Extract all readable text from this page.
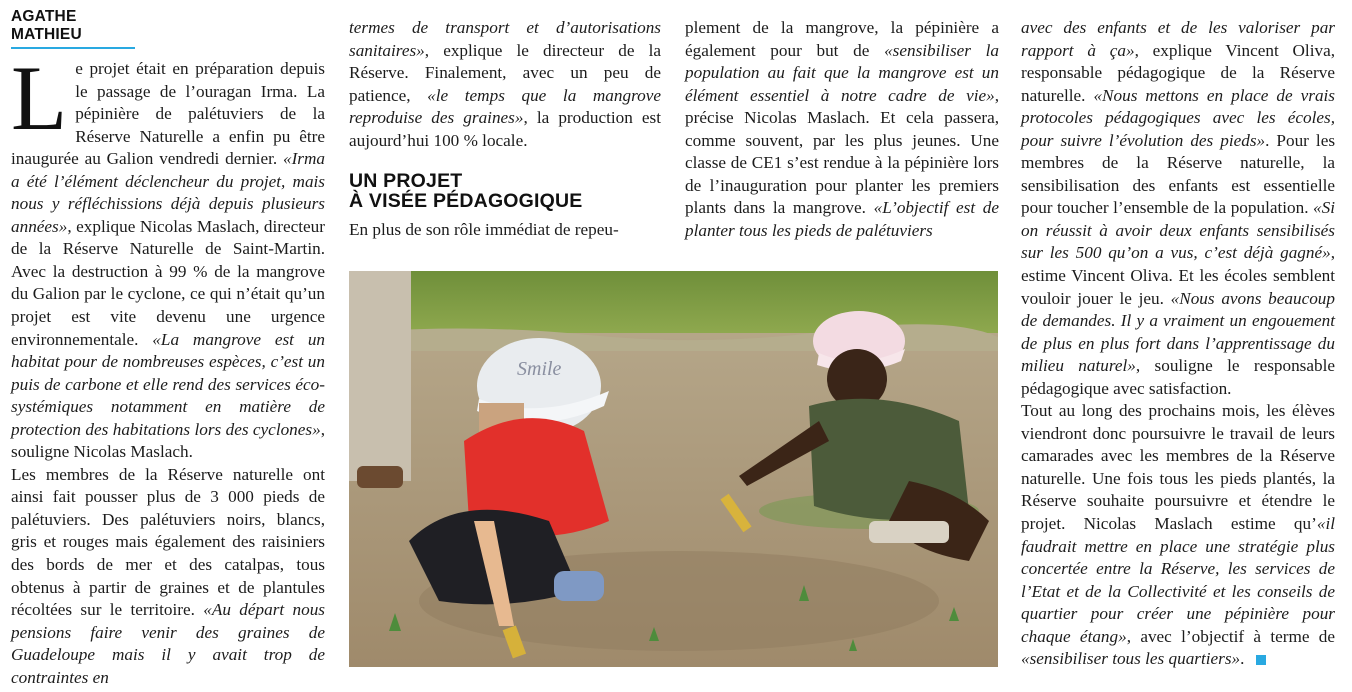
AGATHE MATHIEU

Le projet était en préparation depuis le passage de l’ouragan Irma. La pépinière de palétuviers de la Réserve Naturelle a enfin pu être inaugurée au Galion vendredi dernier. «Irma a été l’élément déclencheur du projet, mais nous y réfléchissions déjà depuis plusieurs années», explique Nicolas Maslach, directeur de la Réserve Naturelle de Saint-Martin. Avec la destruction à 99 % de la mangrove du Galion par le cyclone, ce qui n’était qu’un projet est vite devenu une urgence environnementale. «La mangrove est un habitat pour de nombreuses espèces, c’est un puis de carbone et elle rend des services éco-systémiques notamment en matière de protection des habitations lors des cyclones», souligne Nicolas Maslach.

Les membres de la Réserve naturelle ont ainsi fait pousser plus de 3 000 pieds de palétuviers. Des palétuviers noirs, blancs, gris et rouges mais également des raisiniers des bords de mer et des catalpas, tous obtenus à partir de graines et de plantules récoltées sur le territoire. «Au départ nous pensions faire venir des graines de Guadeloupe mais il y avait trop de contraintes en

termes de transport et d’autorisations sanitaires», explique le directeur de la Réserve. Finalement, avec un peu de patience, «le temps que la mangrove reproduise des graines», la production est aujourd’hui 100 % locale.

UN PROJET
À VISÉE PÉDAGOGIQUE

En plus de son rôle immédiat de repeu-

plement de la mangrove, la pépinière a également pour but de «sensibiliser la population au fait que la mangrove est un élément essentiel à notre cadre de vie», précise Nicolas Maslach. Et cela passera, comme souvent, par les plus jeunes. Une classe de CE1 s’est rendue à la pépinière lors de l’inauguration pour planter les premiers plants dans la mangrove. «L’objectif est de planter tous les pieds de palétuviers

avec des enfants et de les valoriser par rapport à ça», explique Vincent Oliva, responsable pédagogique de la Réserve naturelle. «Nous mettons en place de vrais protocoles pédagogiques avec les écoles, pour suivre l’évolution des pieds». Pour les membres de la Réserve naturelle, la sensibilisation des enfants est essentielle pour toucher l’ensemble de la population. «Si on réussit à avoir deux enfants sensibilisés sur les 500 qu’on a vus, c’est déjà gagné», estime Vincent Oliva. Et les écoles semblent vouloir jouer le jeu. «Nous avons beaucoup de demandes. Il y a vraiment un engouement de plus en plus fort dans l’apprentissage du milieu naturel», souligne le responsable pédagogique avec satisfaction.

Tout au long des prochains mois, les élèves viendront donc poursuivre le travail de leurs camarades avec les membres de la Réserve naturelle. Une fois tous les pieds plantés, la Réserve souhaite poursuivre et étendre le projet. Nicolas Maslach estime qu’«il faudrait mettre en place une stratégie plus concertée entre la Réserve, les services de l’Etat et de la Collectivité et les conseils de quartier pour créer une pépinière pour chaque étang», avec l’objectif à terme de «sensibiliser tous les quartiers».

Smile
